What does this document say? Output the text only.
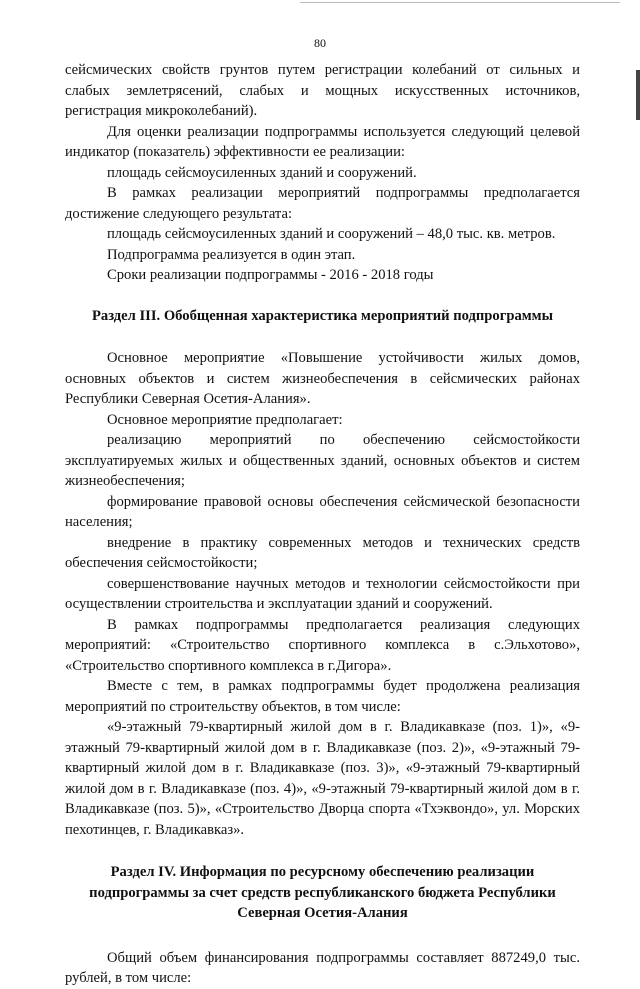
80

сейсмических свойств грунтов путем регистрации колебаний от сильных и слабых землетрясений, слабых и мощных искусственных источников, регистрация микроколебаний).

Для оценки реализации подпрограммы используется следующий целевой индикатор (показатель) эффективности ее реализации:

площадь сейсмоусиленных зданий и сооружений.

В рамках реализации мероприятий подпрограммы предполагается достижение следующего результата:

площадь сейсмоусиленных зданий и сооружений – 48,0 тыс. кв. метров.

Подпрограмма реализуется в один этап.

Сроки реализации подпрограммы - 2016 - 2018 годы

Раздел III. Обобщенная характеристика мероприятий подпрограммы

Основное мероприятие «Повышение устойчивости жилых домов, основных объектов и систем жизнеобеспечения в сейсмических районах Республики Северная Осетия-Алания».

Основное мероприятие предполагает:

реализацию мероприятий по обеспечению сейсмостойкости эксплуатируемых жилых и общественных зданий, основных объектов и систем жизнеобеспечения;

формирование правовой основы обеспечения сейсмической безопасности населения;

внедрение в практику современных методов и технических средств обеспечения сейсмостойкости;

совершенствование научных методов и технологии сейсмостойкости при осуществлении строительства и эксплуатации зданий и сооружений.

В рамках подпрограммы предполагается реализация следующих мероприятий: «Строительство спортивного комплекса в с.Эльхотово», «Строительство спортивного комплекса в г.Дигора».

Вместе с тем, в рамках подпрограммы будет продолжена реализация мероприятий по строительству объектов, в том числе:

«9-этажный 79-квартирный жилой дом в г. Владикавказе (поз. 1)», «9-этажный 79-квартирный жилой дом в г. Владикавказе (поз. 2)», «9-этажный 79-квартирный жилой дом в г. Владикавказе (поз. 3)», «9-этажный 79-квартирный жилой дом в г. Владикавказе (поз. 4)», «9-этажный 79-квартирный жилой дом в г. Владикавказе (поз. 5)», «Строительство Дворца спорта «Тхэквондо», ул. Морских пехотинцев, г. Владикавказ».

Раздел IV. Информация по ресурсному обеспечению реализации подпрограммы за счет средств республиканского бюджета Республики Северная Осетия-Алания

Общий объем финансирования подпрограммы составляет 887249,0 тыс. рублей, в том числе:
